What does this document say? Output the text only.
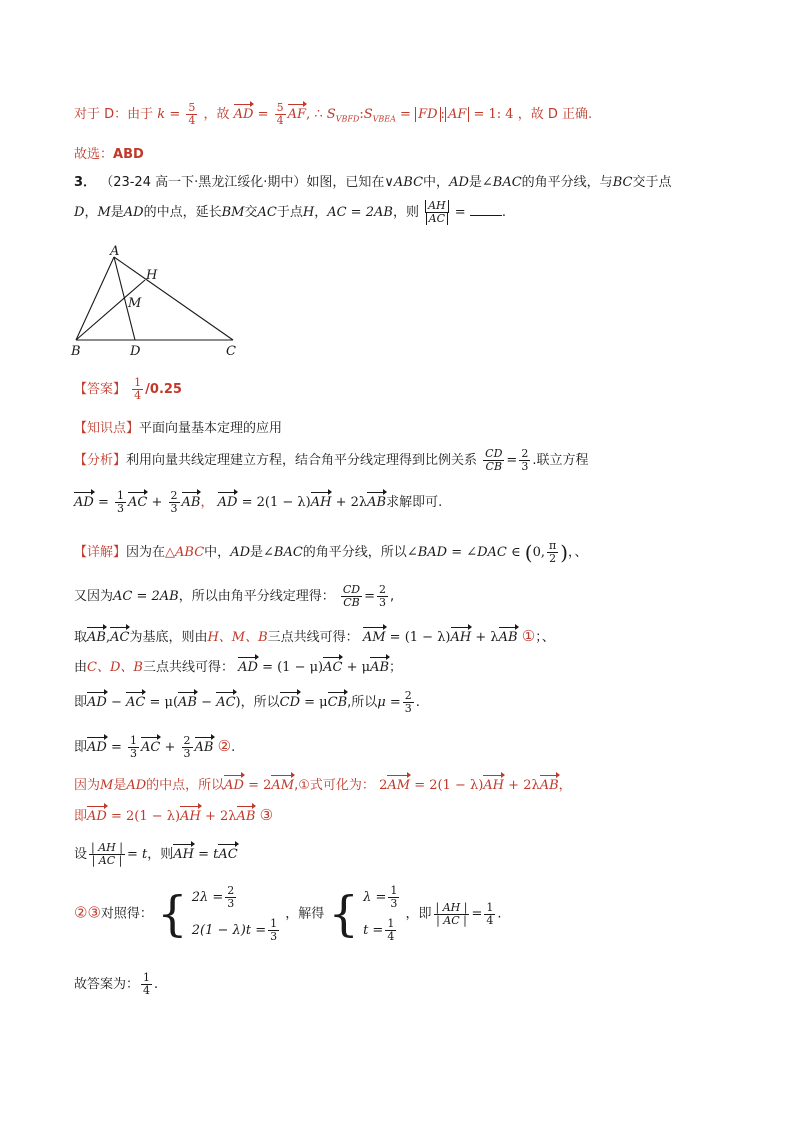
对于 D：由于 $k = \frac{5}{4}$ ，故 AD = $\frac{5}{4}$ AF, ∴ $S_{VBFD}:S_{VBEA}$ = FD : AF = 1: 4 ，故 D 正确.
故选：ABD
3． （23-24 高一下·黑龙江绥化·期中）如图，已知在∨ABC中，AD是∠BAC的角平分线，与BC交于点
D，M是AD的中点，延长BM交AC于点H，AC = 2AB，则 $\frac{AH}{AC}$ =	.
A
H
M
B	D	C
【答案】 $\frac{1}{4} /0.25$
【知识点】平面向量基本定理的应用
【分析】利用向量共线定理建立方程，结合角平分线定理得到比例关系 $\frac{CD}{CB} = \frac{2}{3}$ .联立方程
AD = $\frac{1}{3}$ AC + $\frac{2}{3}$ AB， AD = 2(1 − λ)AH + 2λAB求解即可.
【详解】因为在△ABC中，AD是∠BAC的角平分线，所以∠BAD = ∠DAC ∈ (0, $\frac{\pi}{2}$ )，、
又因为AC = 2AB，所以由角平分线定理得： $\frac{CD}{CB} = \frac{2}{3}$ ,
取AB,AC为基底，则由H、M、B三点共线可得： AM = (1 − λ)AH + λAB ①；、
由C、D、B三点共线可得： AD = (1 − μ)AC + μAB；
即AD − AC = μ(AB − AC)，所以CD = μCB,所以$\mu = \frac{2}{3}$ .
即AD = $\frac{1}{3}$ AC + $\frac{2}{3}$ AB ②.
因为M是AD的中点，所以AD = 2AM,①式可化为： 2AM = 2(1 − λ)AH + 2λAB，
即AD = 2(1 − λ)AH + 2λAB ③
设 $\frac{| AH |}{| AC |} = t$，则AH = tAC
②③对照得： { $2\lambda = \frac{2}{3}$
$2(1 - \lambda)t = \frac{1}{3}$
，解得 { $\lambda = \frac{1}{3}$
$t = \frac{1}{4}$
，即 $\frac{| AH |}{| AC |} = \frac{1}{4}$ .
故答案为： $\frac{1}{4}$ .
